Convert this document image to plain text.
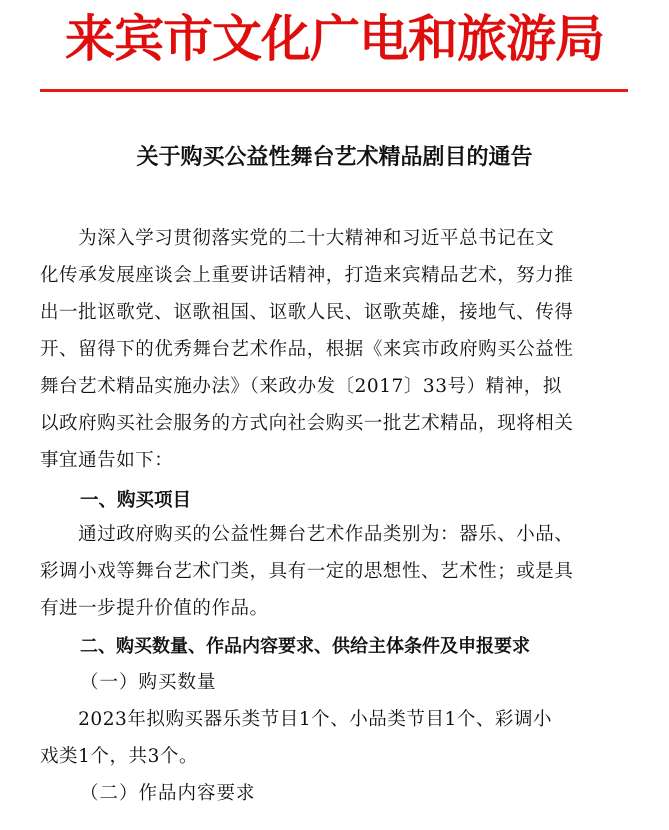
来宾市文化广电和旅游局
关于购买公益性舞台艺术精品剧目的通告
　　为深入学习贯彻落实党的二十大精神和习近平总书记在文
化传承发展座谈会上重要讲话精神，打造来宾精品艺术，努力推
出一批讴歌党、讴歌祖国、讴歌人民、讴歌英雄，接地气、传得
开、留得下的优秀舞台艺术作品，根据《来宾市政府购买公益性
舞台艺术精品实施办法》（来政办发〔2017〕33号）精神，拟
以政府购买社会服务的方式向社会购买一批艺术精品，现将相关
事宜通告如下：
一、购买项目
　　通过政府购买的公益性舞台艺术作品类别为：器乐、小品、
彩调小戏等舞台艺术门类，具有一定的思想性、艺术性；或是具
有进一步提升价值的作品。
二、购买数量、作品内容要求、供给主体条件及申报要求
（一）购买数量
　　2023年拟购买器乐类节目1个、小品类节目1个、彩调小
戏类1个，共3个。
（二）作品内容要求
